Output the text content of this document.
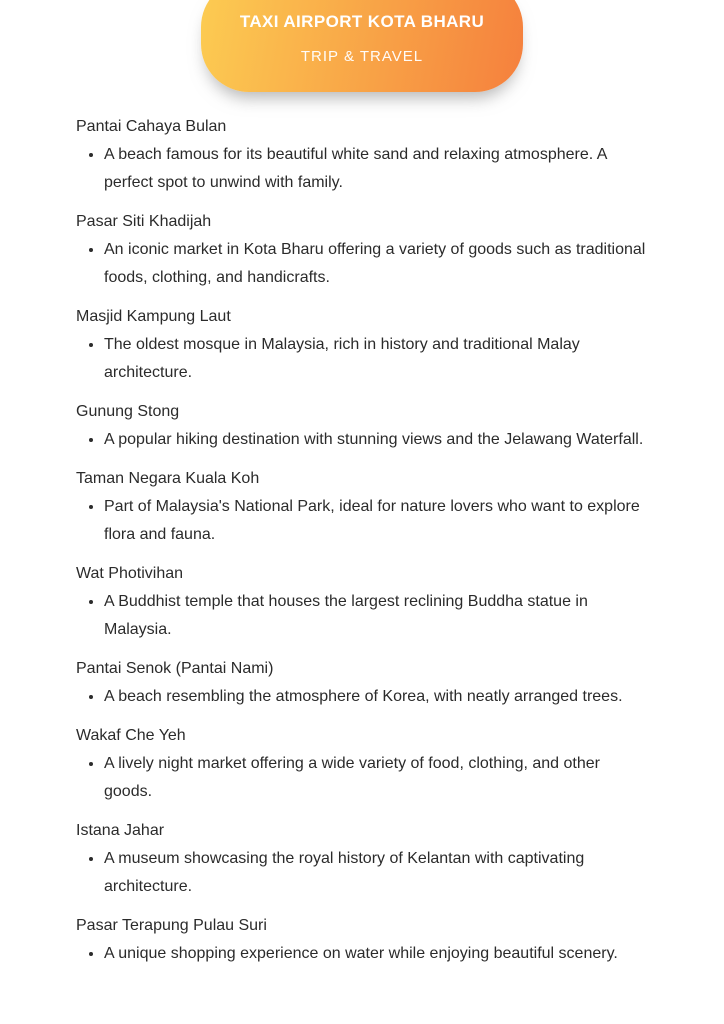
TAXI AIRPORT KOTA BHARU
TRIP & TRAVEL
Pantai Cahaya Bulan
• A beach famous for its beautiful white sand and relaxing atmosphere. A perfect spot to unwind with family.
Pasar Siti Khadijah
• An iconic market in Kota Bharu offering a variety of goods such as traditional foods, clothing, and handicrafts.
Masjid Kampung Laut
• The oldest mosque in Malaysia, rich in history and traditional Malay architecture.
Gunung Stong
• A popular hiking destination with stunning views and the Jelawang Waterfall.
Taman Negara Kuala Koh
• Part of Malaysia's National Park, ideal for nature lovers who want to explore flora and fauna.
Wat Photivihan
• A Buddhist temple that houses the largest reclining Buddha statue in Malaysia.
Pantai Senok (Pantai Nami)
• A beach resembling the atmosphere of Korea, with neatly arranged trees.
Wakaf Che Yeh
• A lively night market offering a wide variety of food, clothing, and other goods.
Istana Jahar
• A museum showcasing the royal history of Kelantan with captivating architecture.
Pasar Terapung Pulau Suri
• A unique shopping experience on water while enjoying beautiful scenery.
